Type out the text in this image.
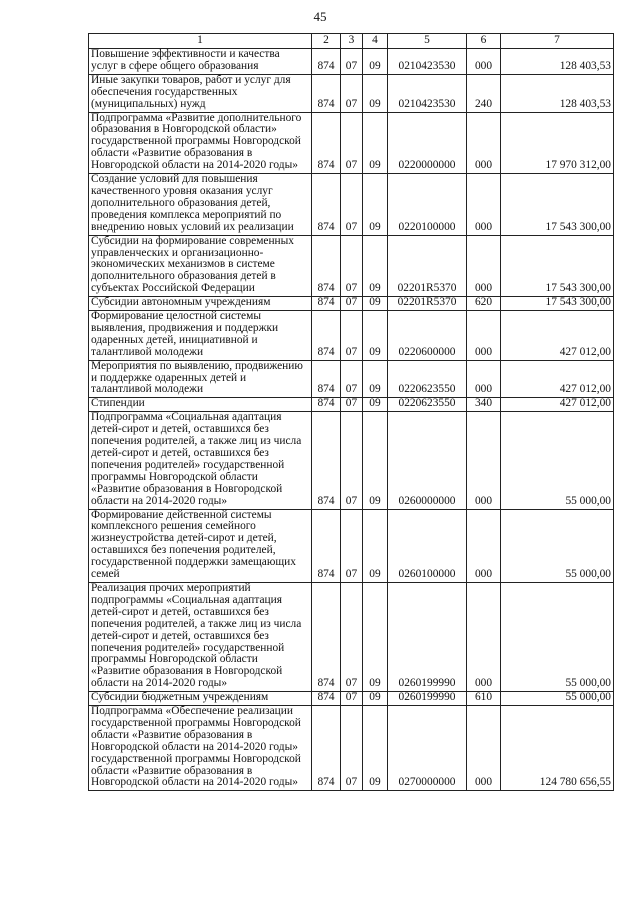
45
1	2	3	4	5	6	7
Повышение эффективности и качества услуг в сфере общего образования	874	07	09	0210423530	000	128 403,53
Иные закупки товаров, работ и услуг для обеспечения государственных (муниципальных) нужд	874	07	09	0210423530	240	128 403,53
Подпрограмма «Развитие дополнительного образования в Новгородской области» государственной программы Новгородской области «Развитие образования в Новгородской области на 2014-2020 годы»	874	07	09	0220000000	000	17 970 312,00
Создание условий для повышения качественного уровня оказания услуг дополнительного образования детей, проведения комплекса мероприятий по внедрению новых условий их реализации	874	07	09	0220100000	000	17 543 300,00
Субсидии на формирование современных управленческих и организационно-экономических механизмов в системе дополнительного образования детей в субъектах Российской Федерации	874	07	09	02201R5370	000	17 543 300,00
Субсидии автономным учреждениям	874	07	09	02201R5370	620	17 543 300,00
Формирование целостной системы выявления, продвижения и поддержки одаренных детей, инициативной и талантливой молодежи	874	07	09	0220600000	000	427 012,00
Мероприятия по выявлению, продвижению и поддержке одаренных детей и талантливой молодежи	874	07	09	0220623550	000	427 012,00
Стипендии	874	07	09	0220623550	340	427 012,00
Подпрограмма «Социальная адаптация детей-сирот и детей, оставшихся без попечения родителей, а также лиц из числа детей-сирот и детей, оставшихся без попечения родителей» государственной программы Новгородской области «Развитие образования в Новгородской области на 2014-2020 годы»	874	07	09	0260000000	000	55 000,00
Формирование действенной системы комплексного решения семейного жизнеустройства детей-сирот и детей, оставшихся без попечения родителей, государственной поддержки замещающих семей	874	07	09	0260100000	000	55 000,00
Реализация прочих мероприятий подпрограммы «Социальная адаптация детей-сирот и детей, оставшихся без попечения родителей, а также лиц из числа детей-сирот и детей, оставшихся без попечения родителей» государственной программы Новгородской области «Развитие образования в Новгородской области на 2014-2020 годы»	874	07	09	0260199990	000	55 000,00
Субсидии бюджетным учреждениям	874	07	09	0260199990	610	55 000,00
Подпрограмма «Обеспечение реализации государственной программы Новгородской области «Развитие образования в Новгородской области на 2014-2020 годы» государственной программы Новгородской области «Развитие образования в Новгородской области на 2014-2020 годы»	874	07	09	0270000000	000	124 780 656,55
